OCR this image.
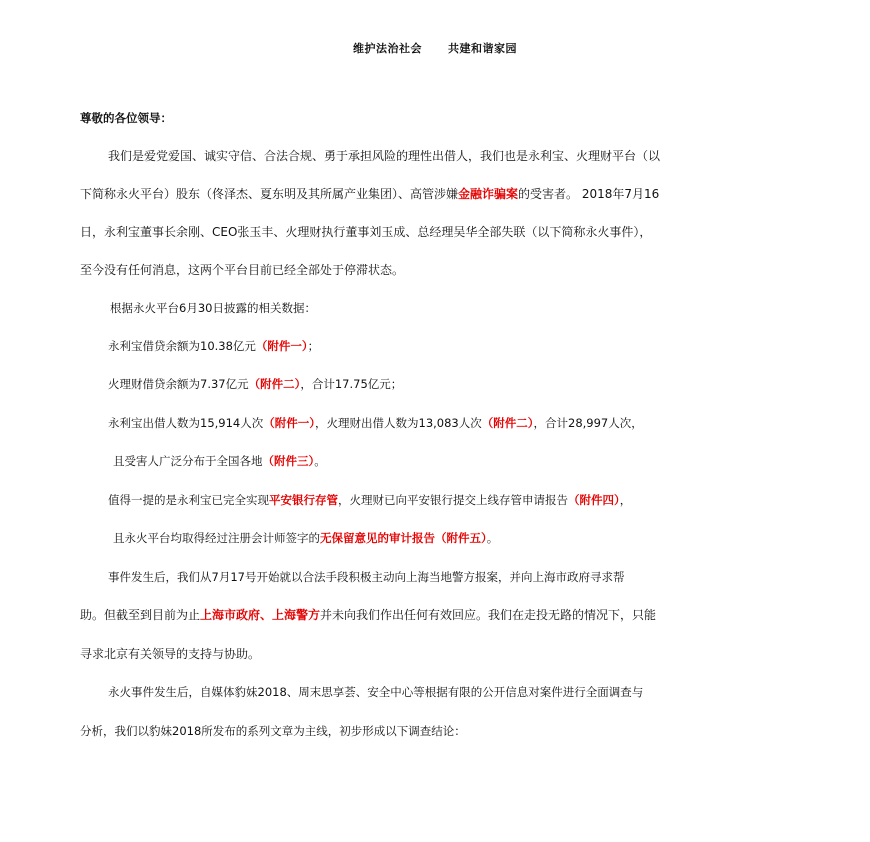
维护法治社会 共建和谐家园
尊敬的各位领导：
我们是爱党爱国、诚实守信、合法合规、勇于承担风险的理性出借人，我们也是永利宝、火理财平台（以
下简称永火平台）股东（佟泽杰、夏东明及其所属产业集团）、高管涉嫌金融诈骗案的受害者。 2018年7月16
日，永利宝董事长余刚、CEO张玉丰、火理财执行董事刘玉成、总经理吴华全部失联（以下简称永火事件），
至今没有任何消息，这两个平台目前已经全部处于停滞状态。
根据永火平台6月30日披露的相关数据：
永利宝借贷余额为10.38亿元（附件一）；
火理财借贷余额为7.37亿元（附件二），合计17.75亿元；
永利宝出借人数为15,914人次（附件一），火理财出借人数为13,083人次（附件二），合计28,997人次，
且受害人广泛分布于全国各地（附件三）。
值得一提的是永利宝已完全实现平安银行存管，火理财已向平安银行提交上线存管申请报告（附件四），
且永火平台均取得经过注册会计师签字的无保留意见的审计报告（附件五）。
事件发生后，我们从7月17号开始就以合法手段积极主动向上海当地警方报案，并向上海市政府寻求帮
助。但截至到目前为止上海市政府、上海警方并未向我们作出任何有效回应。我们在走投无路的情况下，只能
寻求北京有关领导的支持与协助。
永火事件发生后，自媒体豹妹2018、周末思享荟、安全中心等根据有限的公开信息对案件进行全面调查与
分析，我们以豹妹2018所发布的系列文章为主线，初步形成以下调查结论：
